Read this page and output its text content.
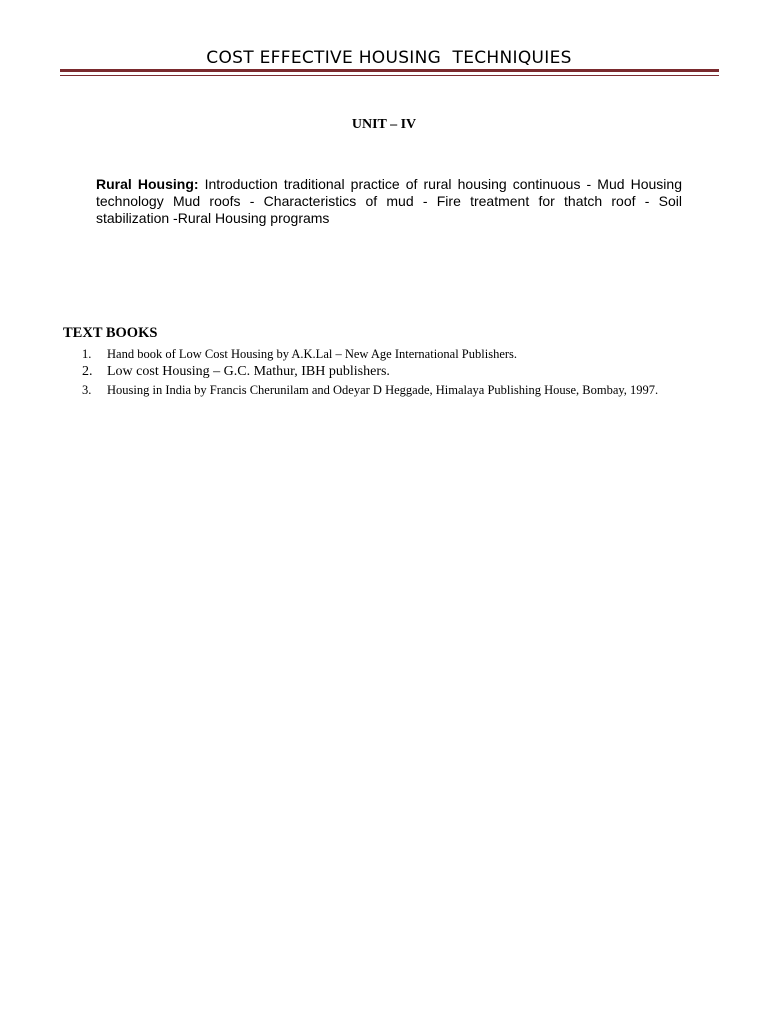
COST EFFECTIVE HOUSING  TECHNIQUIES
UNIT – IV

Rural Housing: Introduction traditional practice of rural housing continuous - Mud Housing technology Mud roofs - Characteristics of mud - Fire treatment for thatch roof - Soil stabilization -Rural Housing programs

TEXT BOOKS
1.	Hand book of Low Cost Housing by A.K.Lal – New Age International Publishers.
2.	Low cost Housing – G.C. Mathur, IBH publishers.
3.	Housing in India by Francis Cherunilam and Odeyar D Heggade, Himalaya Publishing House, Bombay, 1997.
